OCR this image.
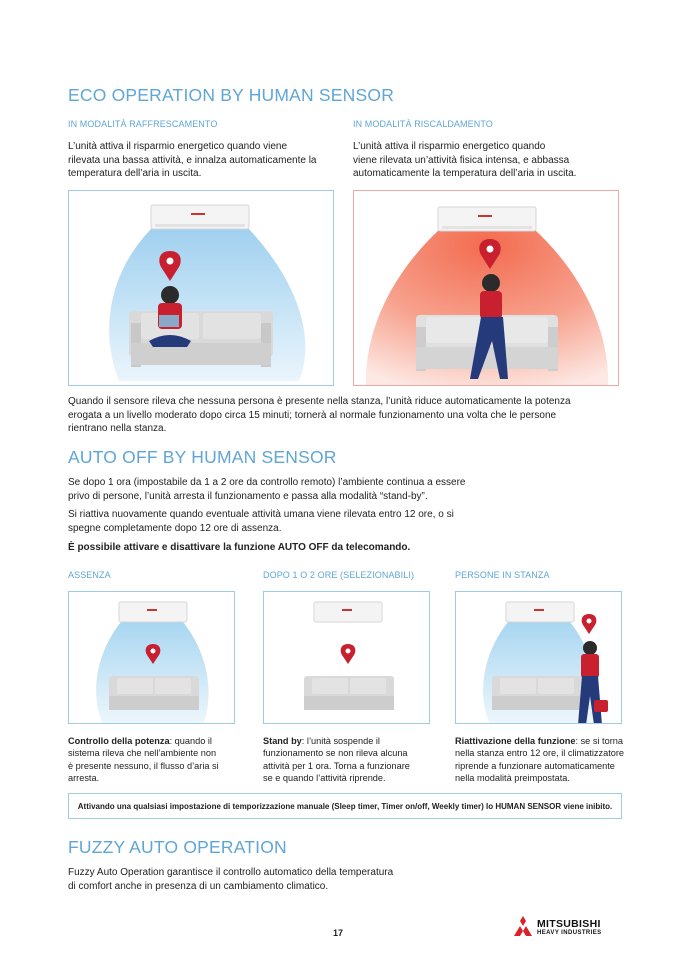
ECO OPERATION BY HUMAN SENSOR
IN MODALITÀ RAFFRESCAMENTO
L’unità attiva il risparmio energetico quando viene
rilevata una bassa attività, e innalza automaticamente la
temperatura dell’aria in uscita.
IN MODALITÀ RISCALDAMENTO
L’unità attiva il risparmio energetico quando
viene rilevata un’attività fisica intensa, e abbassa
automaticamente la temperatura dell’aria in uscita.
Quando il sensore rileva che nessuna persona è presente nella stanza, l’unità riduce automaticamente la potenza
erogata a un livello moderato dopo circa 15 minuti; tornerà al normale funzionamento una volta che le persone
rientrano nella stanza.
AUTO OFF BY HUMAN SENSOR
Se dopo 1 ora (impostabile da 1 a 2 ore da controllo remoto) l’ambiente continua a essere
privo di persone, l’unità arresta il funzionamento e passa alla modalità “stand-by”.
Si riattiva nuovamente quando eventuale attività umana viene rilevata entro 12 ore, o si
spegne completamente dopo 12 ore di assenza.
È possibile attivare e disattivare la funzione AUTO OFF da telecomando.
ASSENZA	DOPO 1 O 2 ORE (SELEZIONABILI)	PERSONE IN STANZA
Controllo della potenza: quando il
sistema rileva che nell’ambiente non
è presente nessuno, il flusso d’aria si
arresta.
Stand by: l’unità sospende il
funzionamento se non rileva alcuna
attività per 1 ora. Torna a funzionare
se e quando l’attività riprende.
Riattivazione della funzione: se si torna
nella stanza entro 12 ore, il climatizzatore
riprende a funzionare automaticamente
nella modalità preimpostata.
Attivando una qualsiasi impostazione di temporizzazione manuale (Sleep timer, Timer on/off, Weekly timer) lo HUMAN SENSOR viene inibito.
FUZZY AUTO OPERATION
Fuzzy Auto Operation garantisce il controllo automatico della temperatura
di comfort anche in presenza di un cambiamento climatico.
17
MITSUBISHI
HEAVY INDUSTRIES
